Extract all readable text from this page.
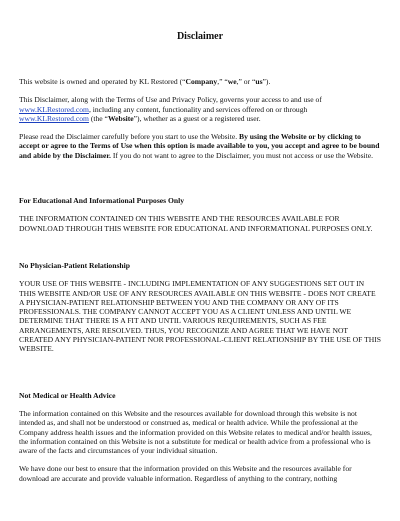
Disclaimer

This website is owned and operated by KL Restored (“Company,” “we,” or “us”).

This Disclaimer, along with the Terms of Use and Privacy Policy, governs your access to and use of
www.KLRestored.com, including any content, functionality and services offered on or through
www.KLRestored.com (the “Website”), whether as a guest or a registered user.

Please read the Disclaimer carefully before you start to use the Website. By using the Website or by clicking to accept or agree to the Terms of Use when this option is made available to you, you accept and agree to be bound and abide by the Disclaimer. If you do not want to agree to the Disclaimer, you must not access or use the Website.

For Educational And Informational Purposes Only

THE INFORMATION CONTAINED ON THIS WEBSITE AND THE RESOURCES AVAILABLE FOR DOWNLOAD THROUGH THIS WEBSITE FOR EDUCATIONAL AND INFORMATIONAL PURPOSES ONLY.

No Physician-Patient Relationship

YOUR USE OF THIS WEBSITE - INCLUDING IMPLEMENTATION OF ANY SUGGESTIONS SET OUT IN THIS WEBSITE AND/OR USE OF ANY RESOURCES AVAILABLE ON THIS WEBSITE - DOES NOT CREATE A PHYSICIAN-PATIENT RELATIONSHIP BETWEEN YOU AND THE COMPANY OR ANY OF ITS PROFESSIONALS. THE COMPANY CANNOT ACCEPT YOU AS A CLIENT UNLESS AND UNTIL WE DETERMINE THAT THERE IS A FIT AND UNTIL VARIOUS REQUIREMENTS, SUCH AS FEE ARRANGEMENTS, ARE RESOLVED. THUS, YOU RECOGNIZE AND AGREE THAT WE HAVE NOT CREATED ANY PHYSICIAN-PATIENT NOR PROFESSIONAL-CLIENT RELATIONSHIP BY THE USE OF THIS WEBSITE.

Not Medical or Health Advice

The information contained on this Website and the resources available for download through this website is not intended as, and shall not be understood or construed as, medical or health advice. While the professional at the Company address health issues and the information provided on this Website relates to medical and/or health issues, the information contained on this Website is not a substitute for medical or health advice from a professional who is aware of the facts and circumstances of your individual situation.

We have done our best to ensure that the information provided on this Website and the resources available for download are accurate and provide valuable information. Regardless of anything to the contrary, nothing
